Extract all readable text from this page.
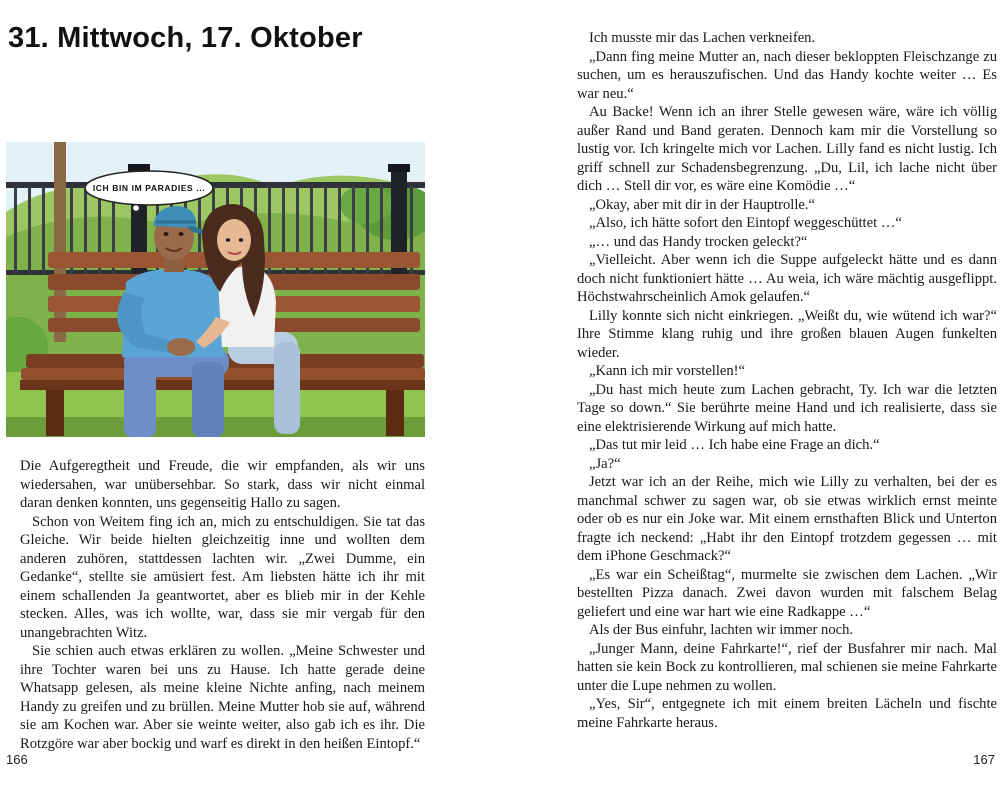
31. Mittwoch, 17. Oktober
ICH BIN IM PARADIES ...

Die Aufgeregtheit und Freude, die wir empfanden, als wir uns wiedersahen, war unübersehbar. So stark, dass wir nicht einmal daran denken konnten, uns gegenseitig Hallo zu sagen.

Schon von Weitem fing ich an, mich zu entschuldigen. Sie tat das Gleiche. Wir beide hielten gleichzeitig inne und wollten dem anderen zuhören, stattdessen lachten wir. „Zwei Dumme, ein Gedanke“, stellte sie amüsiert fest. Am liebsten hätte ich ihr mit einem schallenden Ja geantwortet, aber es blieb mir in der Kehle stecken. Alles, was ich wollte, war, dass sie mir vergab für den unangebrachten Witz.

Sie schien auch etwas erklären zu wollen. „Meine Schwester und ihre Tochter waren bei uns zu Hause. Ich hatte gerade deine Whatsapp gelesen, als meine kleine Nichte anfing, nach meinem Handy zu greifen und zu brüllen. Meine Mutter hob sie auf, während sie am Kochen war. Aber sie weinte weiter, also gab ich es ihr. Die Rotzgöre war aber bockig und warf es direkt in den heißen Eintopf.“

166

Ich musste mir das Lachen verkneifen.

„Dann fing meine Mutter an, nach dieser bekloppten Fleischzange zu suchen, um es herauszufischen. Und das Handy kochte weiter … Es war neu.“

Au Backe! Wenn ich an ihrer Stelle gewesen wäre, wäre ich völlig außer Rand und Band geraten. Dennoch kam mir die Vorstellung so lustig vor. Ich kringelte mich vor Lachen. Lilly fand es nicht lustig. Ich griff schnell zur Schadensbegrenzung. „Du, Lil, ich lache nicht über dich … Stell dir vor, es wäre eine Komödie …“

„Okay, aber mit dir in der Hauptrolle.“

„Also, ich hätte sofort den Eintopf weggeschüttet …“

„… und das Handy trocken geleckt?“

„Vielleicht. Aber wenn ich die Suppe aufgeleckt hätte und es dann doch nicht funktioniert hätte … Au weia, ich wäre mächtig ausgeflippt. Höchstwahrscheinlich Amok gelaufen.“

Lilly konnte sich nicht einkriegen. „Weißt du, wie wütend ich war?“ Ihre Stimme klang ruhig und ihre großen blauen Augen funkelten wieder.

„Kann ich mir vorstellen!“

„Du hast mich heute zum Lachen gebracht, Ty. Ich war die letzten Tage so down.“ Sie berührte meine Hand und ich realisierte, dass sie eine elektrisierende Wirkung auf mich hatte.

„Das tut mir leid … Ich habe eine Frage an dich.“

„Ja?“

Jetzt war ich an der Reihe, mich wie Lilly zu verhalten, bei der es manchmal schwer zu sagen war, ob sie etwas wirklich ernst meinte oder ob es nur ein Joke war. Mit einem ernsthaften Blick und Unterton fragte ich neckend: „Habt ihr den Eintopf trotzdem gegessen … mit dem iPhone Geschmack?“

„Es war ein Scheißtag“, murmelte sie zwischen dem Lachen. „Wir bestellten Pizza danach. Zwei davon wurden mit falschem Belag geliefert und eine war hart wie eine Radkappe …“

Als der Bus einfuhr, lachten wir immer noch.

„Junger Mann, deine Fahrkarte!“, rief der Busfahrer mir nach. Mal hatten sie kein Bock zu kontrollieren, mal schienen sie meine Fahrkarte unter die Lupe nehmen zu wollen.

„Yes, Sir“, entgegnete ich mit einem breiten Lächeln und fischte meine Fahrkarte heraus.

167
